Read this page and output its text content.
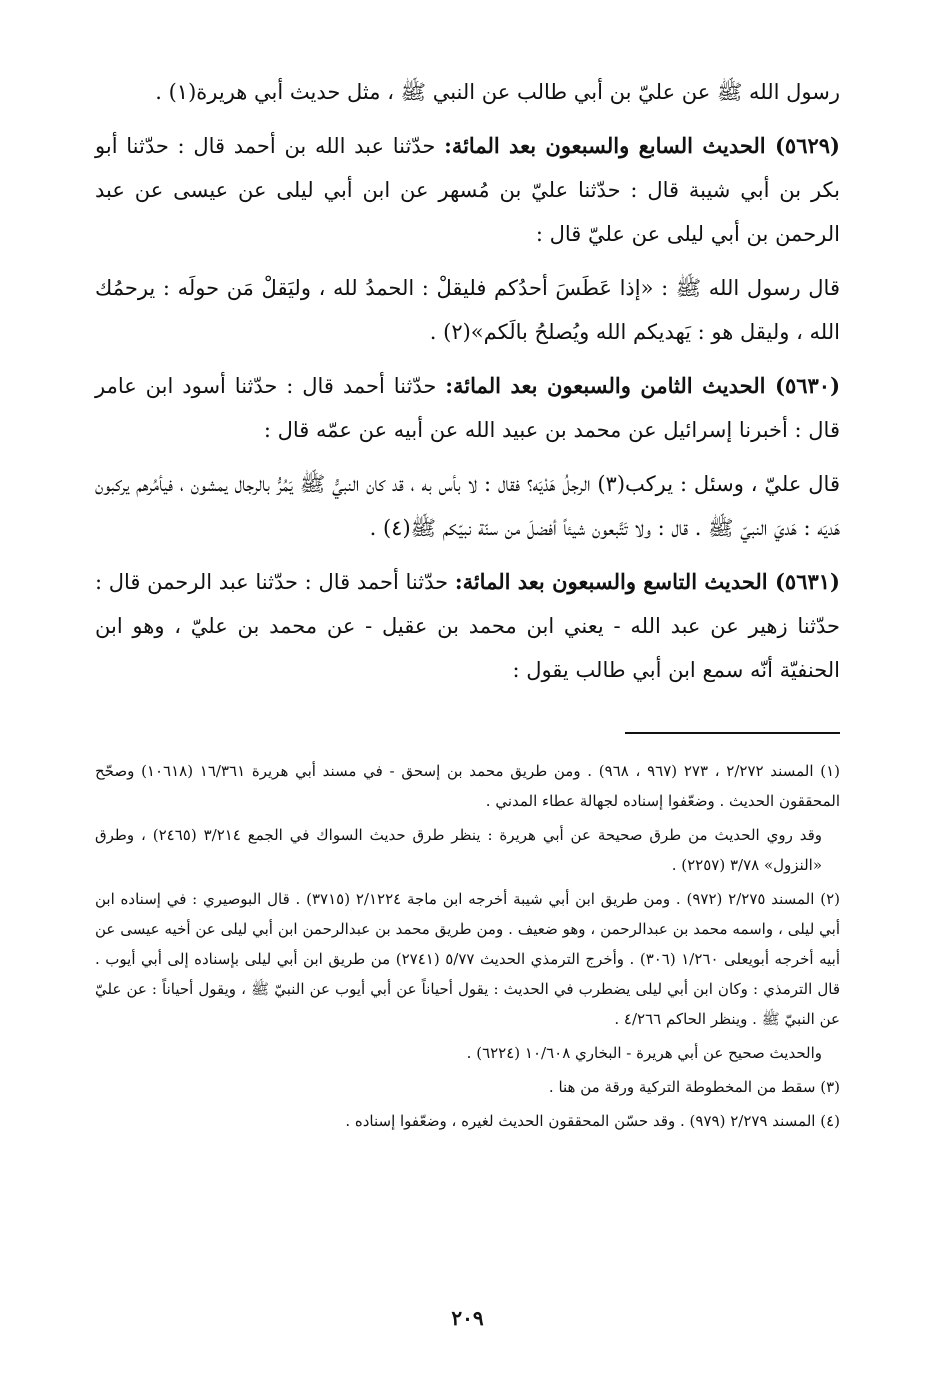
رسول الله ﷺ عن عليّ بن أبي طالب عن النبي ﷺ ، مثل حديث أبي هريرة(١) .

(٥٦٢٩) الحديث السابع والسبعون بعد المائة: حدّثنا عبد الله بن أحمد قال : حدّثنا أبو بكر بن أبي شيبة قال : حدّثنا عليّ بن مُسهر عن ابن أبي ليلى عن عيسى عن عبد الرحمن بن أبي ليلى عن عليّ قال :

قال رسول الله ﷺ : «إذا عَطَسَ أحدُكم فليقلْ : الحمدُ لله ، وليَقلْ مَن حولَه : يرحمُك الله ، وليقل هو : يَهديكم الله ويُصلحُ بالَكم»(٢) .

(٥٦٣٠) الحديث الثامن والسبعون بعد المائة: حدّثنا أحمد قال : حدّثنا أسود ابن عامر قال : أخبرنا إسرائيل عن محمد بن عبيد الله عن أبيه عن عمّه قال :

قال عليّ ، وسئل : يركب(٣) الرجلُ هَدْيَه؟ فقال : لا بأس به ، قد كان النبيُّ ﷺ يَمُرُّ بالرجال يمشون ، فيأمُرهم يركبون هَديَه : هَديَ النبيّ ﷺ . قال : ولا تَتَّبعون شيئاً أفضلَ من سنّة نبيّكم ﷺ(٤) .

(٥٦٣١) الحديث التاسع والسبعون بعد المائة: حدّثنا أحمد قال : حدّثنا عبد الرحمن قال : حدّثنا زهير عن عبد الله - يعني ابن محمد بن عقيل - عن محمد بن عليّ ، وهو ابن الحنفيّة أنّه سمع ابن أبي طالب يقول :

(١) المسند ٢/٢٧٢ ، ٢٧٣ (٩٦٧ ، ٩٦٨) . ومن طريق محمد بن إسحق - في مسند أبي هريرة ١٦/٣٦١ (١٠٦١٨) وصحّح المحققون الحديث . وضعّفوا إسناده لجهالة عطاء المدني .

وقد روي الحديث من طرق صحيحة عن أبي هريرة : ينظر طرق حديث السواك في الجمع ٣/٢١٤ (٢٤٦٥) ، وطرق «النزول» ٣/٧٨ (٢٢٥٧) .

(٢) المسند ٢/٢٧٥ (٩٧٢) . ومن طريق ابن أبي شيبة أخرجه ابن ماجة ٢/١٢٢٤ (٣٧١٥) . قال البوصيري : في إسناده ابن أبي ليلى ، واسمه محمد بن عبدالرحمن ، وهو ضعيف . ومن طريق محمد بن عبدالرحمن ابن أبي ليلى عن أخيه عيسى عن أبيه أخرجه أبويعلى ١/٢٦٠ (٣٠٦) . وأخرج الترمذي الحديث ٥/٧٧ (٢٧٤١) من طريق ابن أبي ليلى بإسناده إلى أبي أيوب . قال الترمذي : وكان ابن أبي ليلى يضطرب في الحديث : يقول أحياناً عن أبي أيوب عن النبيّ ﷺ ، ويقول أحياناً : عن عليّ عن النبيّ ﷺ . وينظر الحاكم ٤/٢٦٦ .

والحديث صحيح عن أبي هريرة - البخاري ١٠/٦٠٨ (٦٢٢٤) .

(٣) سقط من المخطوطة التركية ورقة من هنا .

(٤) المسند ٢/٢٧٩ (٩٧٩) . وقد حسّن المحققون الحديث لغيره ، وضعّفوا إسناده .

٢٠٩
